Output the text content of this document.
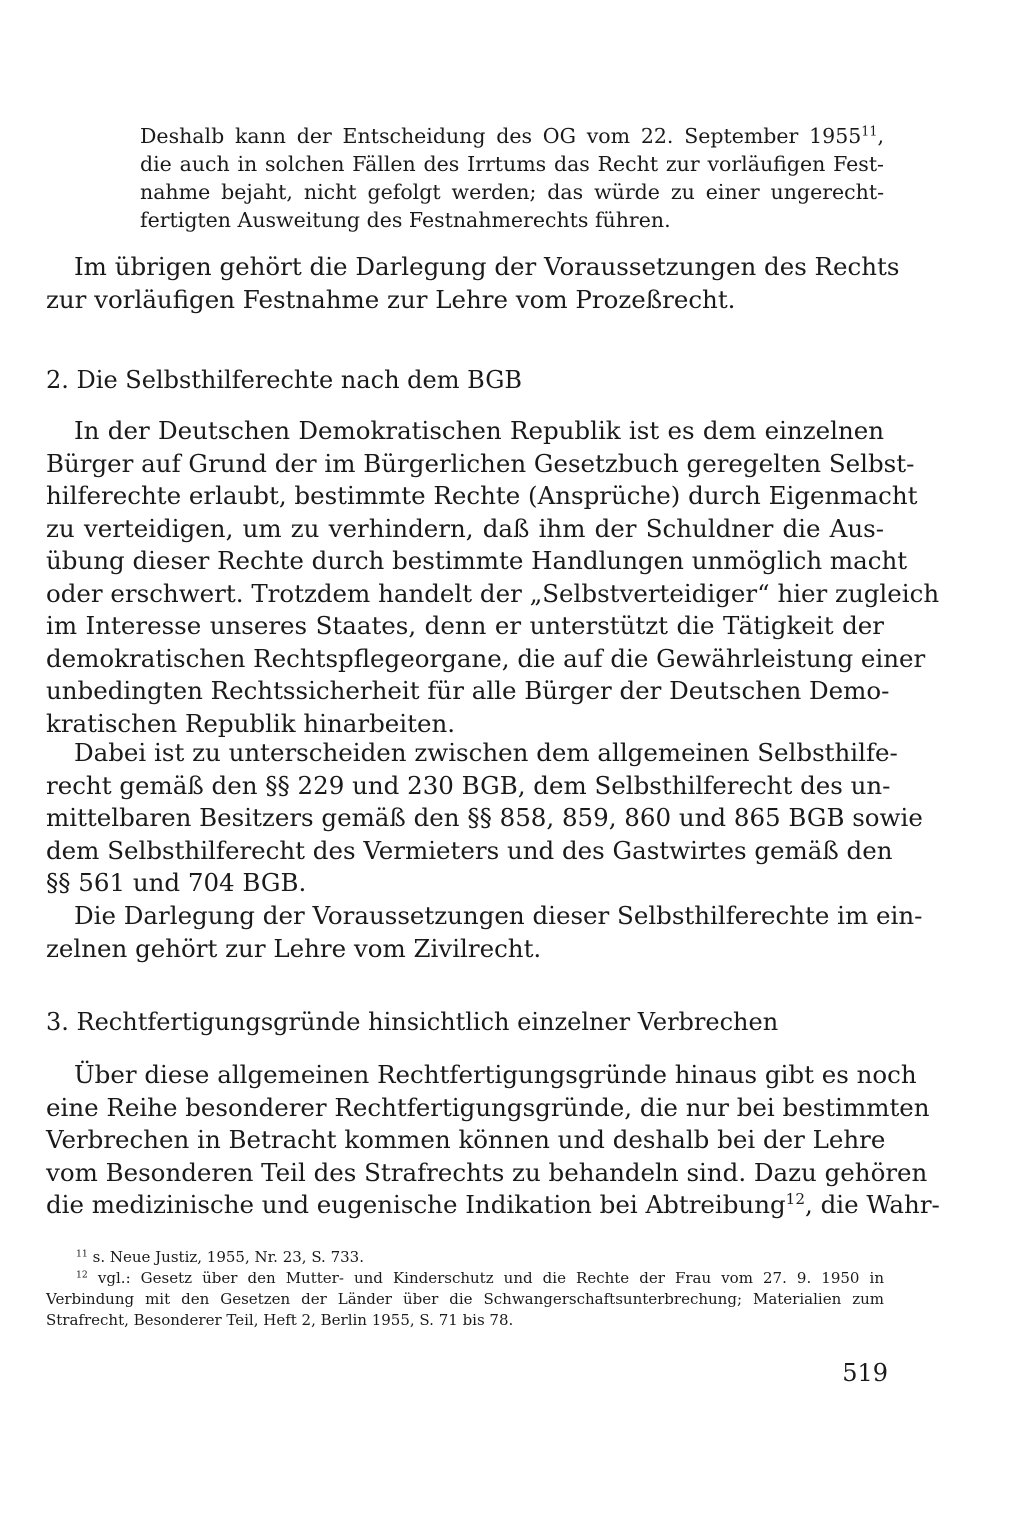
Deshalb kann der Entscheidung des OG vom 22. September 1955$^{11}$,
die auch in solchen Fällen des Irrtums das Recht zur vorläufigen Fest-
nahme bejaht, nicht gefolgt werden; das würde zu einer ungerecht-
fertigten Ausweitung des Festnahmerechts führen.
Im übrigen gehört die Darlegung der Voraussetzungen des Rechts
zur vorläufigen Festnahme zur Lehre vom Prozeßrecht.
2. Die Selbsthilferechte nach dem BGB
In der Deutschen Demokratischen Republik ist es dem einzelnen
Bürger auf Grund der im Bürgerlichen Gesetzbuch geregelten Selbst-
hilferechte erlaubt, bestimmte Rechte (Ansprüche) durch Eigenmacht
zu verteidigen, um zu verhindern, daß ihm der Schuldner die Aus-
übung dieser Rechte durch bestimmte Handlungen unmöglich macht
oder erschwert. Trotzdem handelt der „Selbstverteidiger“ hier zugleich
im Interesse unseres Staates, denn er unterstützt die Tätigkeit der
demokratischen Rechtspflegeorgane, die auf die Gewährleistung einer
unbedingten Rechtssicherheit für alle Bürger der Deutschen Demo-
kratischen Republik hinarbeiten.
Dabei ist zu unterscheiden zwischen dem allgemeinen Selbsthilfe-
recht gemäß den §§ 229 und 230 BGB, dem Selbsthilferecht des un-
mittelbaren Besitzers gemäß den §§ 858, 859, 860 und 865 BGB sowie
dem Selbsthilferecht des Vermieters und des Gastwirtes gemäß den
§§ 561 und 704 BGB.
Die Darlegung der Voraussetzungen dieser Selbsthilferechte im ein-
zelnen gehört zur Lehre vom Zivilrecht.
3. Rechtfertigungsgründe hinsichtlich einzelner Verbrechen
Über diese allgemeinen Rechtfertigungsgründe hinaus gibt es noch
eine Reihe besonderer Rechtfertigungsgründe, die nur bei bestimmten
Verbrechen in Betracht kommen können und deshalb bei der Lehre
vom Besonderen Teil des Strafrechts zu behandeln sind. Dazu gehören
die medizinische und eugenische Indikation bei Abtreibung$^{12}$, die Wahr-
$^{11}$ s. Neue Justiz, 1955, Nr. 23, S. 733.
$^{12}$ vgl.: Gesetz über den Mutter- und Kinderschutz und die Rechte der Frau vom 27. 9. 1950 in
Verbindung mit den Gesetzen der Länder über die Schwangerschaftsunterbrechung; Materialien zum
Strafrecht, Besonderer Teil, Heft 2, Berlin 1955, S. 71 bis 78.
519
